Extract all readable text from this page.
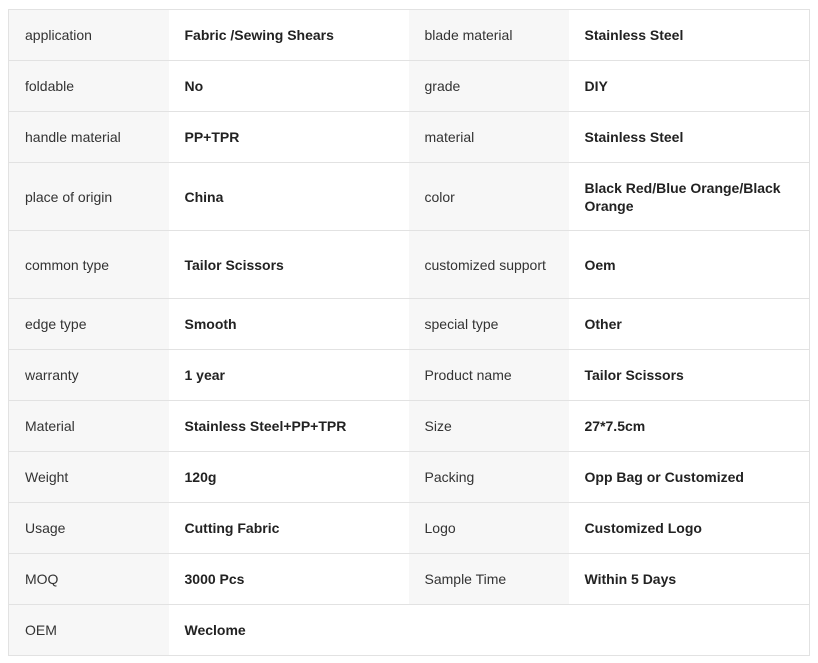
application	Fabric /Sewing Shears	blade material	Stainless Steel
foldable	No	grade	DIY
handle material	PP+TPR	material	Stainless Steel
place of origin	China	color	Black Red/Blue Orange/Black Orange
common type	Tailor Scissors	customized support	Oem
edge type	Smooth	special type	Other
warranty	1 year	Product name	Tailor Scissors
Material	Stainless Steel+PP+TPR	Size	27*7.5cm
Weight	120g	Packing	Opp Bag or Customized
Usage	Cutting Fabric	Logo	Customized Logo
MOQ	3000 Pcs	Sample Time	Within 5 Days
OEM	Weclome		
